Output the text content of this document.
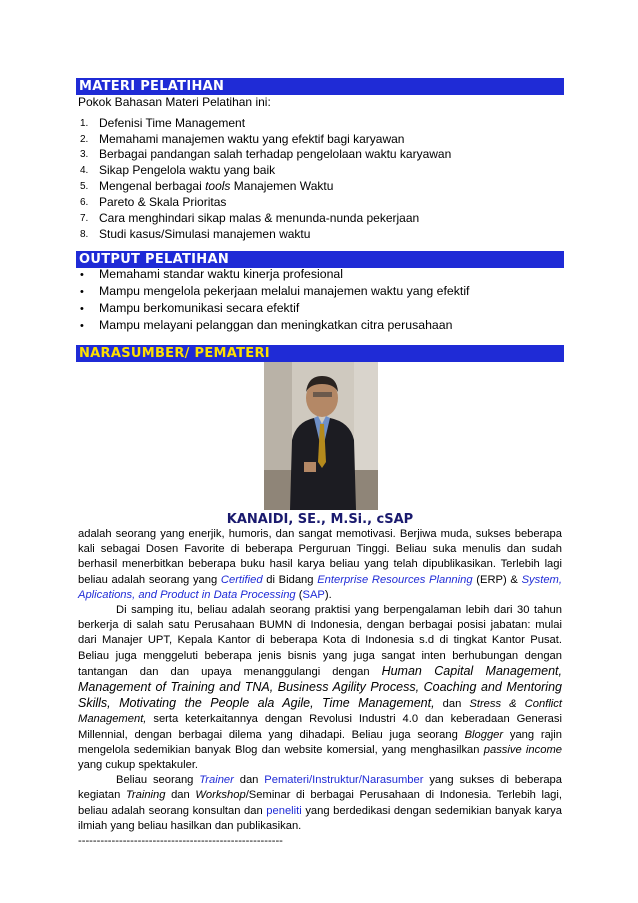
MATERI PELATIHAN
Pokok Bahasan Materi Pelatihan ini:
1. Defenisi Time Management
2. Memahami manajemen waktu yang efektif bagi karyawan
3. Berbagai pandangan salah terhadap pengelolaan waktu karyawan
4. Sikap Pengelola waktu yang baik
5. Mengenal berbagai tools Manajemen Waktu
6. Pareto & Skala Prioritas
7. Cara menghindari sikap malas & menunda-nunda pekerjaan
8. Studi kasus/Simulasi manajemen waktu
OUTPUT PELATIHAN
• Memahami standar waktu kinerja profesional
• Mampu mengelola pekerjaan melalui manajemen waktu yang efektif
• Mampu berkomunikasi secara efektif
• Mampu melayani pelanggan dan meningkatkan citra perusahaan
NARASUMBER/ PEMATERI
KANAIDI, SE., M.Si., cSAP

adalah seorang yang enerjik, humoris, dan sangat memotivasi. Berjiwa muda, sukses beberapa kali sebagai Dosen Favorite di beberapa Perguruan Tinggi. Beliau suka menulis dan sudah berhasil menerbitkan beberapa buku hasil karya beliau yang telah dipublikasikan. Terlebih lagi beliau adalah seorang yang Certified di Bidang Enterprise Resources Planning (ERP) & System, Aplications, and Product in Data Processing (SAP).

Di samping itu, beliau adalah seorang praktisi yang berpengalaman lebih dari 30 tahun berkerja di salah satu Perusahaan BUMN di Indonesia, dengan berbagai posisi jabatan: mulai dari Manajer UPT, Kepala Kantor di beberapa Kota di Indonesia s.d di tingkat Kantor Pusat. Beliau juga menggeluti beberapa jenis bisnis yang juga sangat inten berhubungan dengan tantangan dan dan upaya menanggulangi dengan Human Capital Management, Management of Training and TNA, Business Agility Process, Coaching and Mentoring Skills, Motivating the People ala Agile, Time Management, dan Stress & Conflict Management, serta keterkaitannya dengan Revolusi Industri 4.0 dan keberadaan Generasi Millennial, dengan berbagai dilema yang dihadapi. Beliau juga seorang Blogger yang rajin mengelola sedemikian banyak Blog dan website komersial, yang menghasilkan passive income yang cukup spektakuler.

Beliau seorang Trainer dan Pemateri/Instruktur/Narasumber yang sukses di beberapa kegiatan Training dan Workshop/Seminar di berbagai Perusahaan di Indonesia. Terlebih lagi, beliau adalah seorang konsultan dan peneliti yang berdedikasi dengan sedemikian banyak karya ilmiah yang beliau hasilkan dan publikasikan.

-------------------------------------------------------
